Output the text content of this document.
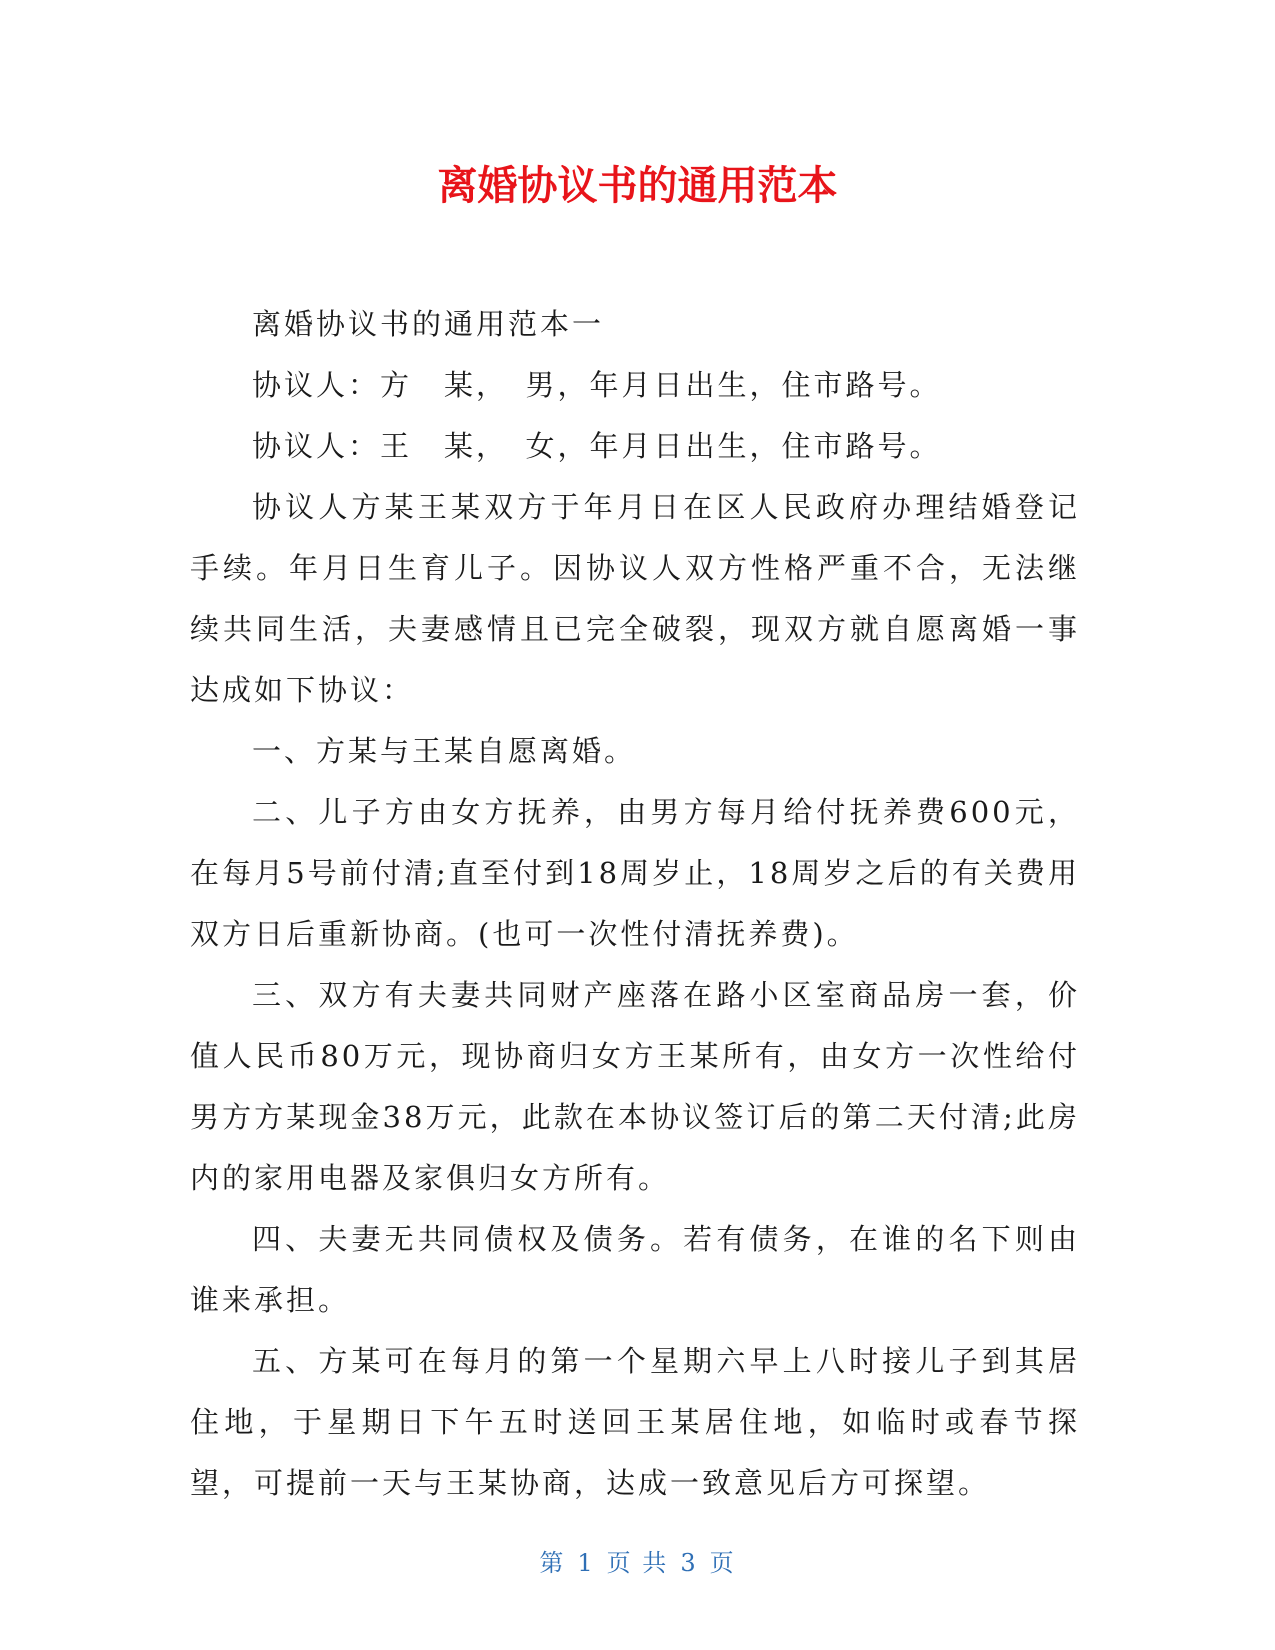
离婚协议书的通用范本

离婚协议书的通用范本一

协议人：方　某，　男，年月日出生，住市路号。

协议人：王　某，　女，年月日出生，住市路号。

协议人方某王某双方于年月日在区人民政府办理结婚登记手续。年月日生育儿子。因协议人双方性格严重不合，无法继续共同生活，夫妻感情且已完全破裂，现双方就自愿离婚一事达成如下协议：

一、方某与王某自愿离婚。

二、儿子方由女方抚养，由男方每月给付抚养费600元，在每月5号前付清;直至付到18周岁止，18周岁之后的有关费用双方日后重新协商。(也可一次性付清抚养费)。

三、双方有夫妻共同财产座落在路小区室商品房一套，价值人民币80万元，现协商归女方王某所有，由女方一次性给付男方方某现金38万元，此款在本协议签订后的第二天付清;此房内的家用电器及家俱归女方所有。

四、夫妻无共同债权及债务。若有债务，在谁的名下则由谁来承担。

五、方某可在每月的第一个星期六早上八时接儿子到其居住地，于星期日下午五时送回王某居住地，如临时或春节探望，可提前一天与王某协商，达成一致意见后方可探望。

第 1 页 共 3 页
